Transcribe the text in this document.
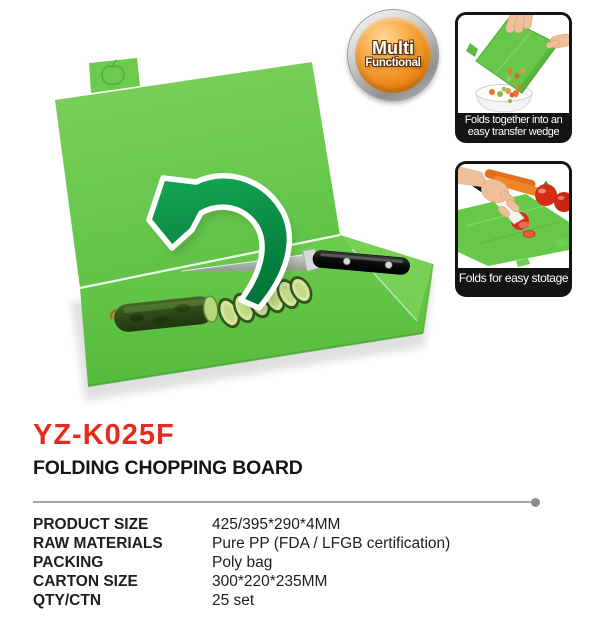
Multi
Functional
Folds together into an
easy transfer wedge
Folds for easy stotage
YZ-K025F
FOLDING CHOPPING BOARD
PRODUCT SIZE	425/395*290*4MM
RAW MATERIALS	Pure PP (FDA / LFGB certification)
PACKING	Poly bag
CARTON SIZE	300*220*235MM
QTY/CTN	25 set
